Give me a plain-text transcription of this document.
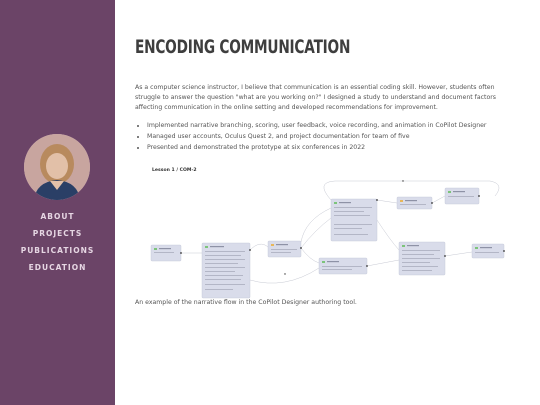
ABOUT
PROJECTS
PUBLICATIONS
EDUCATION
ENCODING COMMUNICATION
As a computer science instructor, I believe that communication is an essential coding skill. However, students often struggle to answer the question "what are you working on?" I designed a study to understand and document factors affecting communication in the online setting and developed recommendations for improvement.
• Implemented narrative branching, scoring, user feedback, voice recording, and animation in CoPilot Designer
• Managed user accounts, Oculus Quest 2, and project documentation for team of five
• Presented and demonstrated the prototype at six conferences in 2022
Lesson 1 / COM-2
An example of the narrative flow in the CoPilot Designer authoring tool.
